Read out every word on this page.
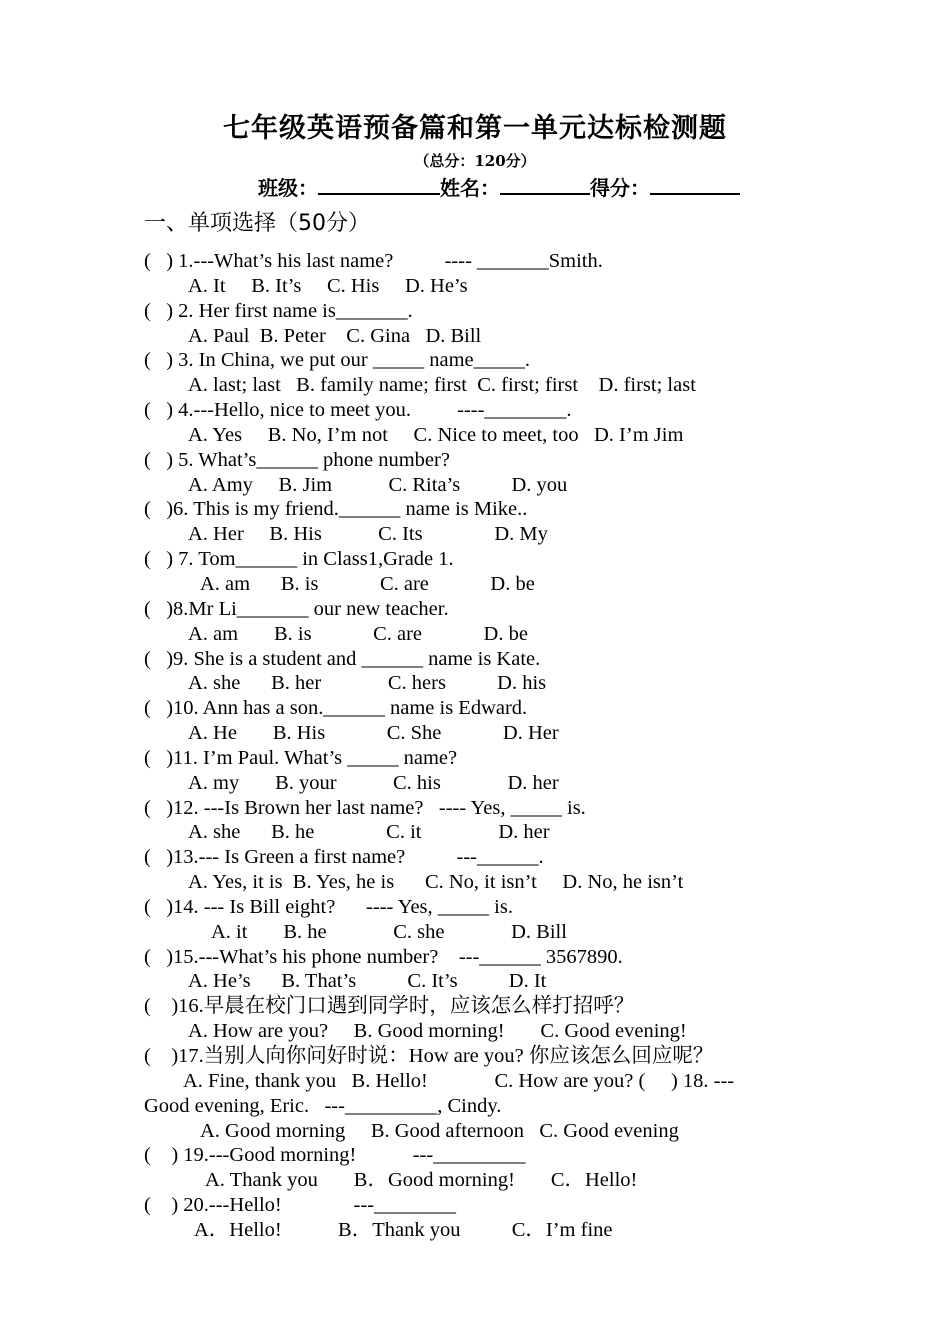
七年级英语预备篇和第一单元达标检测题
（总分：120分）
班级：	姓名：	得分：
一、单项选择（50分）
(   ) 1.---What’s his last name?          ---- _______Smith.
A. It     B. It’s     C. His     D. He’s
(   ) 2. Her first name is_______.
A. Paul  B. Peter    C. Gina   D. Bill
(   ) 3. In China, we put our _____ name_____.
A. last; last   B. family name; first  C. first; first    D. first; last
(   ) 4.---Hello, nice to meet you.         ----________.
A. Yes     B. No, I’m not     C. Nice to meet, too   D. I’m Jim
(   ) 5. What’s______ phone number?
A. Amy     B. Jim           C. Rita’s          D. you
(   )6. This is my friend.______ name is Mike..
A. Her     B. His           C. Its              D. My
(   ) 7. Tom______ in Class1,Grade 1.
A. am      B. is            C. are            D. be
(   )8.Mr Li_______ our new teacher.
A. am       B. is            C. are            D. be
(   )9. She is a student and ______ name is Kate.
A. she      B. her             C. hers          D. his
(   )10. Ann has a son.______ name is Edward.
A. He       B. His            C. She            D. Her
(   )11. I’m Paul. What’s _____ name?
A. my       B. your           C. his             D. her
(   )12. ---Is Brown her last name?   ---- Yes, _____ is.
A. she      B. he              C. it               D. her
(   )13.--- Is Green a first name?          ---______.
A. Yes, it is  B. Yes, he is      C. No, it isn’t     D. No, he isn’t
(   )14. --- Is Bill eight?      ---- Yes, _____ is.
A. it       B. he             C. she             D. Bill
(   )15.---What’s his phone number?    ---______ 3567890.
A. He’s      B. That’s          C. It’s          D. It
(    )16.早晨在校门口遇到同学时，应该怎么样打招呼？
A. How are you?     B. Good morning!       C. Good evening!
(    )17.当别人向你问好时说：How are you? 你应该怎么回应呢？
A. Fine, thank you   B. Hello!             C. How are you? (     ) 18. ---
Good evening, Eric.   ---_________, Cindy.
A. Good morning     B. Good afternoon   C. Good evening
(    ) 19.---Good morning!           ---_________
A. Thank you       B．Good morning!       C．Hello!
(    ) 20.---Hello!              ---________
A．Hello!           B．Thank you          C．I’m fine
